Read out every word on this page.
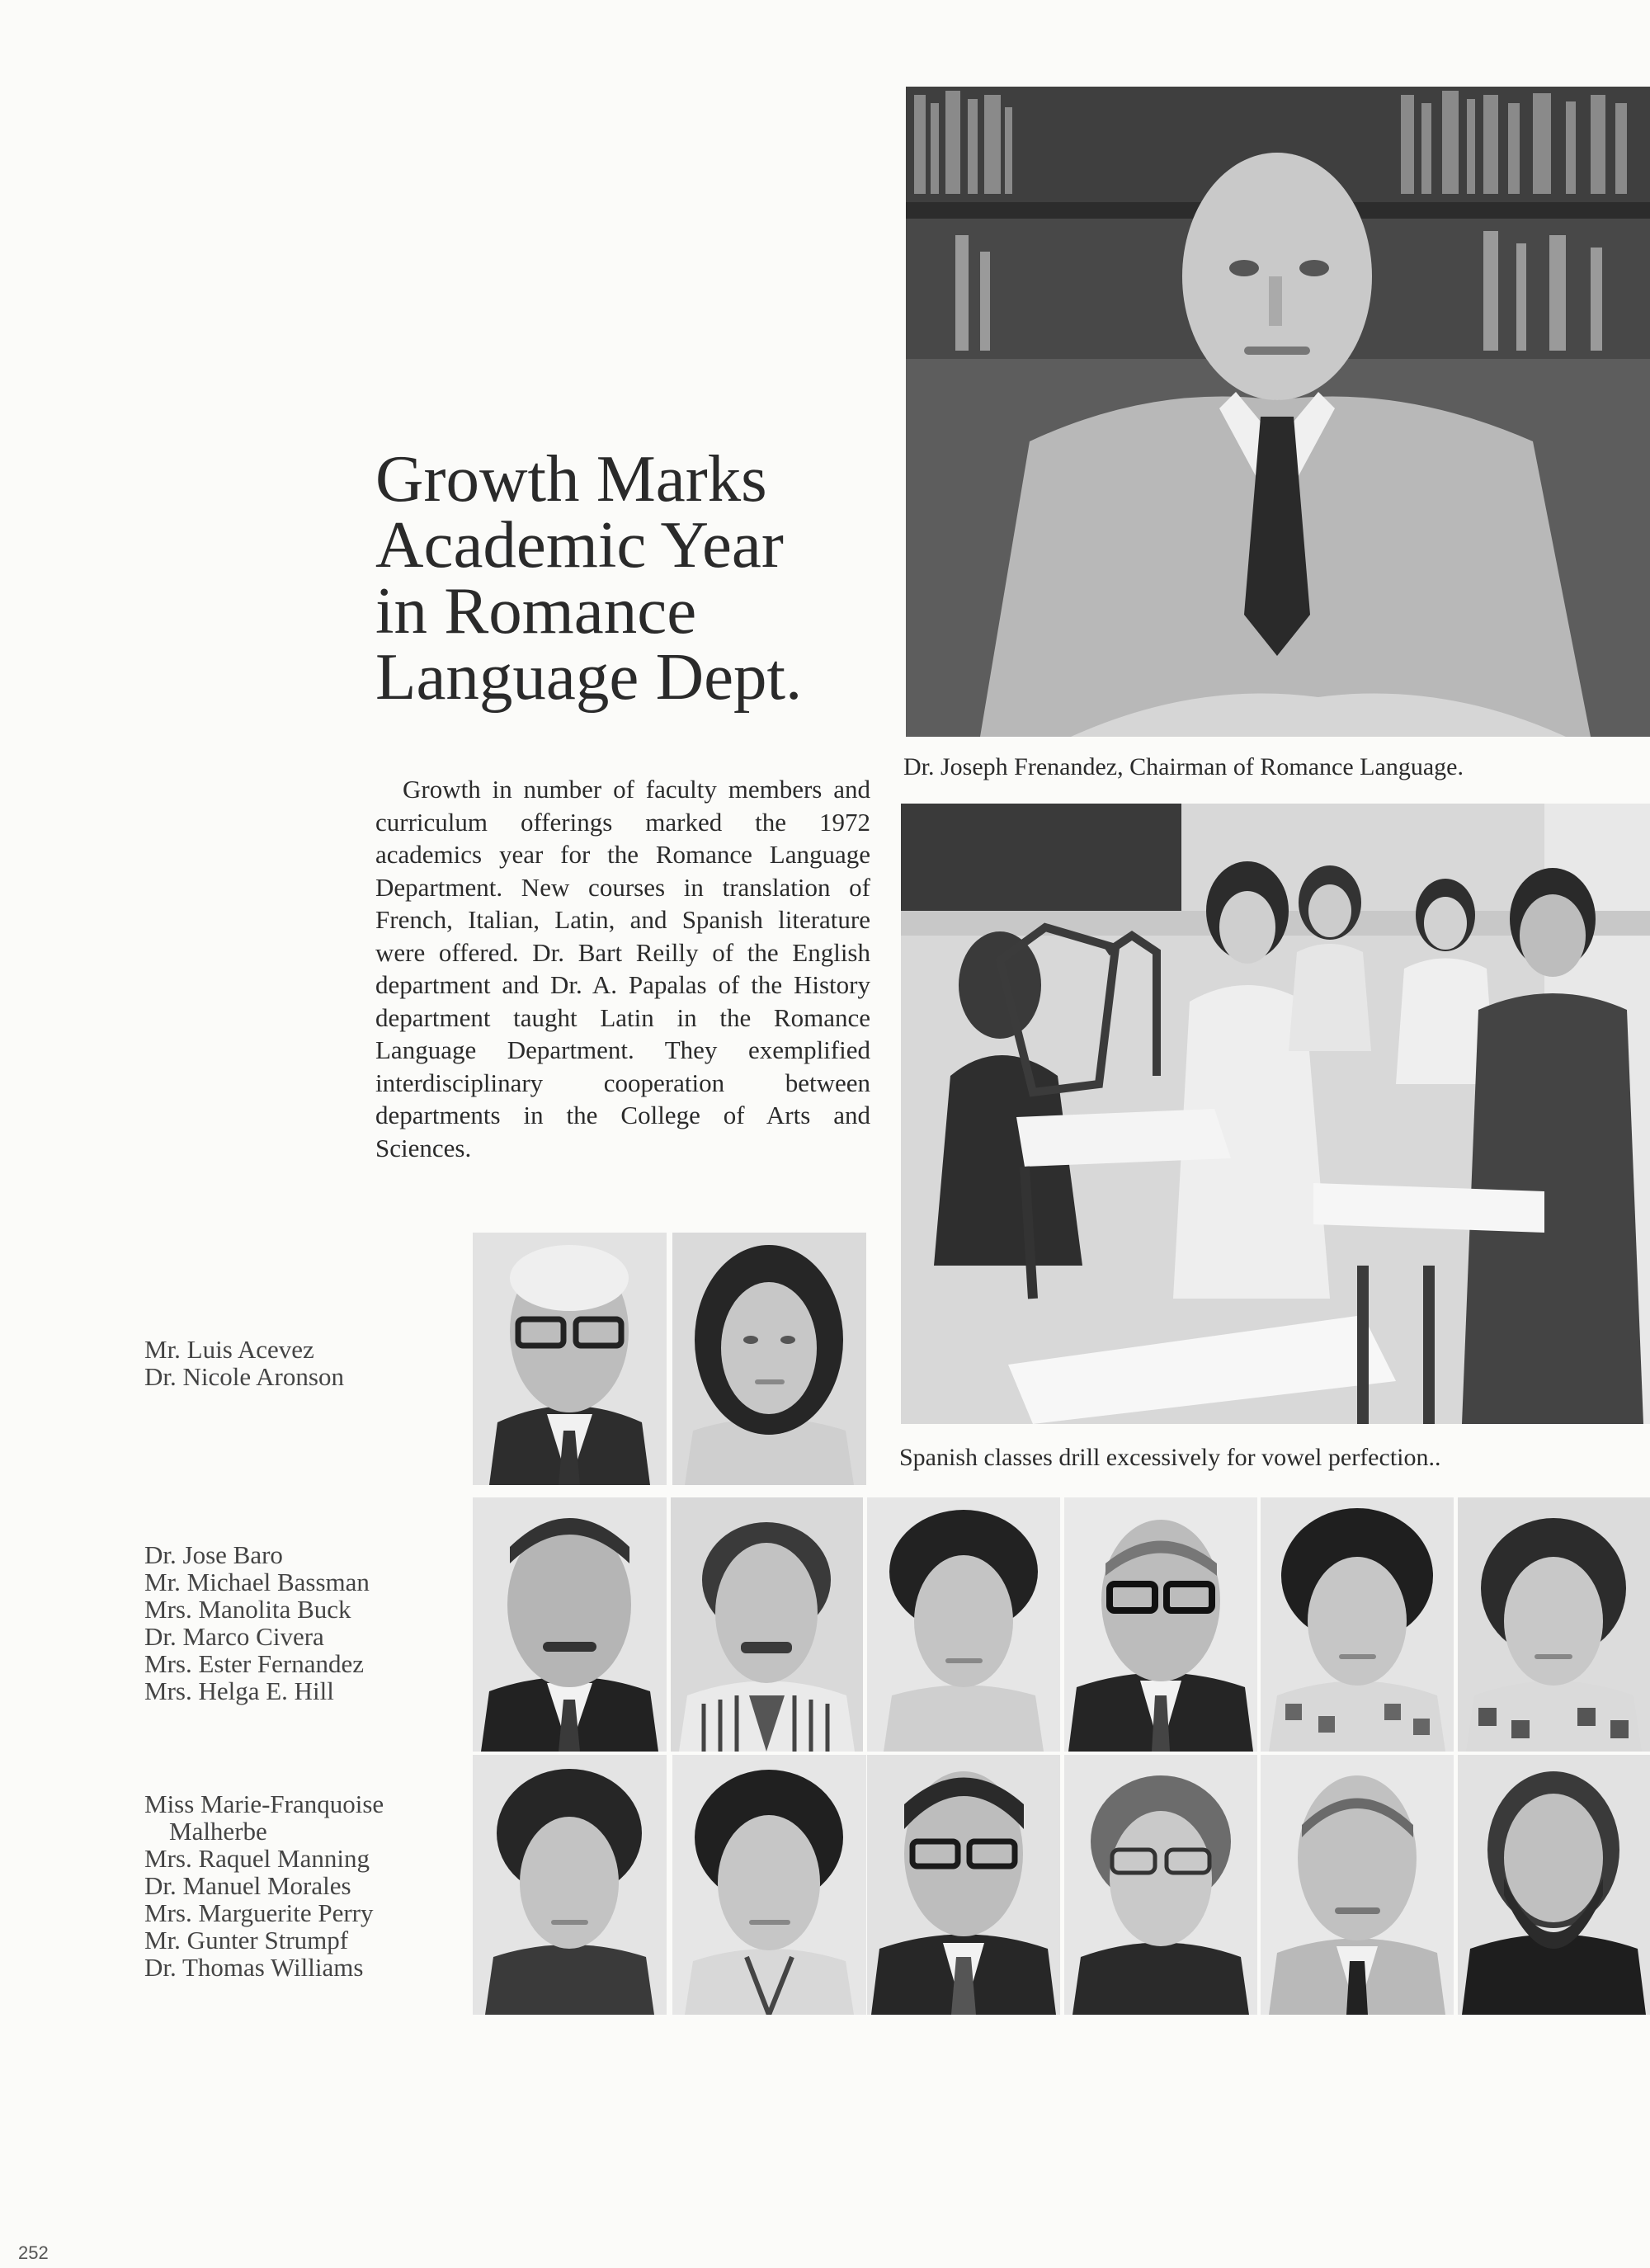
Dr. Joseph Frenandez, Chairman of Romance Language.
Spanish classes drill excessively for vowel perfection..
Growth Marks
Academic Year
in Romance
Language Dept.
Growth in number of faculty members and curriculum offerings marked the 1972 academics year for the Romance Language Department. New courses in translation of French, Italian, Latin, and Spanish literature were offered. Dr. Bart Reilly of the English department and Dr. A. Papalas of the History department taught Latin in the Romance Language Department. They exemplified interdisciplinary cooperation between departments in the College of Arts and Sciences.
Mr. Luis Acevez
Dr. Nicole Aronson
Dr. Jose Baro
Mr. Michael Bassman
Mrs. Manolita Buck
Dr. Marco Civera
Mrs. Ester Fernandez
Mrs. Helga E. Hill
Miss Marie-Franquoise
Malherbe
Mrs. Raquel Manning
Dr. Manuel Morales
Mrs. Marguerite Perry
Mr. Gunter Strumpf
Dr. Thomas Williams
252
